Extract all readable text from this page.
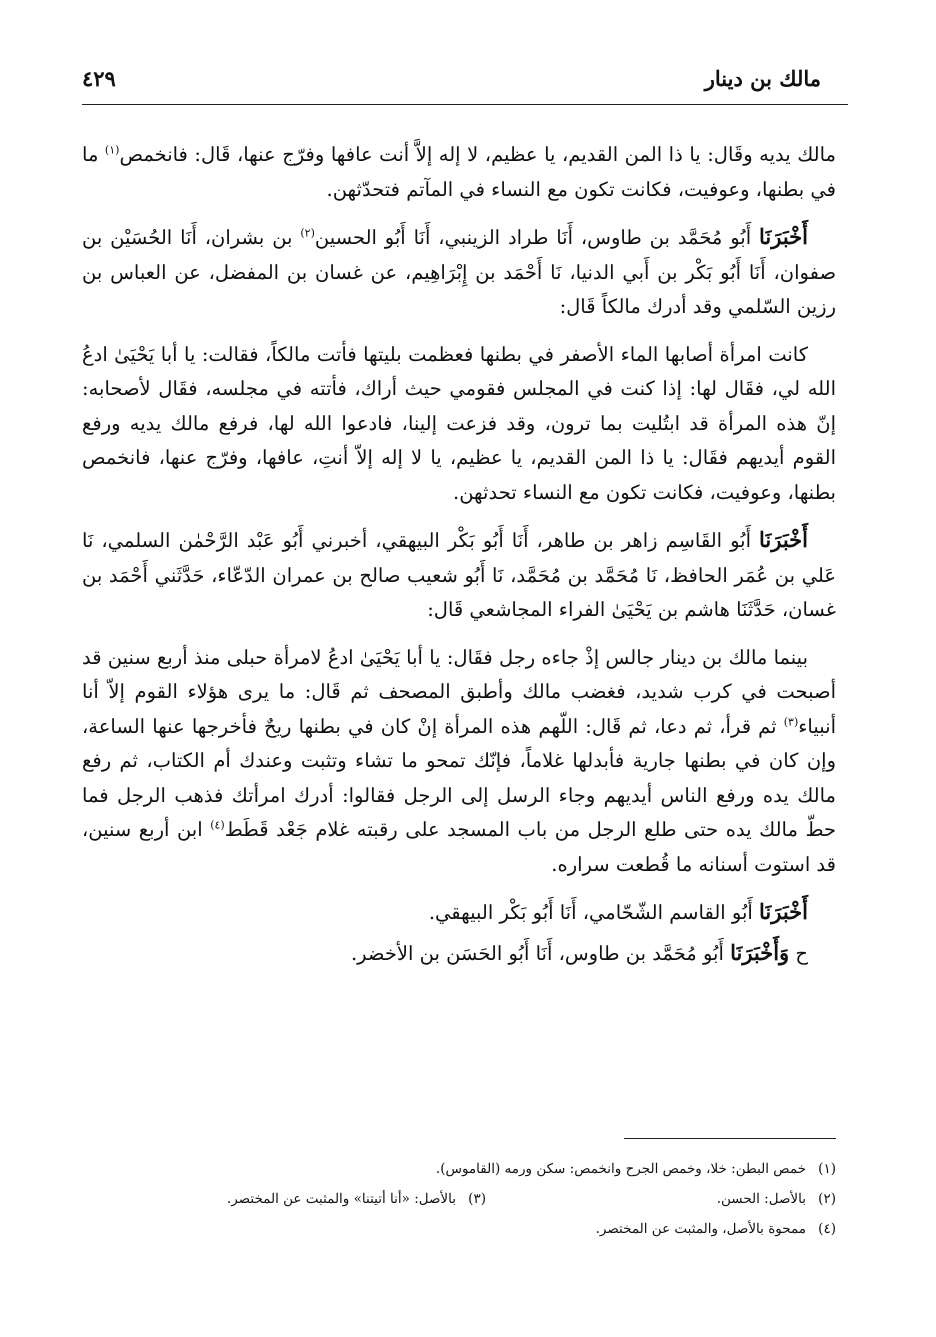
مالك بن دينار
٤٢٩

مالك يديه وقَال: يا ذا المن القديم، يا عظيم، لا إله إلاَّ أنت عافها وفرّج عنها، قَال: فانخمص$^{(١)}$ ما في بطنها، وعوفيت، فكانت تكون مع النساء في المآتم فتحدّثهن.

أَخْبَرَنَا أَبُو مُحَمَّد بن طاوس، أَنَا طراد الزينبي، أَنَا أَبُو الحسين$^{(٢)}$ بن بشران، أَنَا الحُسَيْن بن صفوان، أَنَا أَبُو بَكْر بن أَبي الدنيا، نَا أَحْمَد بن إِبْرَاهِيم، عن غسان بن المفضل، عن العباس بن رزين السّلمي وقد أدرك مالكاً قَال:

كانت امرأة أصابها الماء الأصفر في بطنها فعظمت بليتها فأتت مالكاً، فقالت: يا أبا يَحْيَىٰ ادعُ الله لي، فقَال لها: إذا كنت في المجلس فقومي حيث أراك، فأتته في مجلسه، فقَال لأصحابه: إنّ هذه المرأة قد ابتُليت بما ترون، وقد فزعت إلينا، فادعوا الله لها، فرفع مالك يديه ورفع القوم أيديهم فقَال: يا ذا المن القديم، يا عظيم، يا لا إله إلاّ أنتِ، عافها، وفرّج عنها، فانخمص بطنها، وعوفيت، فكانت تكون مع النساء تحدثهن.

أَخْبَرَنَا أَبُو القَاسِم زاهر بن طاهر، أَنَا أَبُو بَكْر البيهقي، أخبرني أَبُو عَبْد الرَّحْمٰن السلمي، نَا عَلي بن عُمَر الحافظ، نَا مُحَمَّد بن مُحَمَّد، نَا أَبُو شعيب صالح بن عمران الدّعّاء، حَدَّثَني أَحْمَد بن غسان، حَدَّثَنَا هاشم بن يَحْيَىٰ الفراء المجاشعي قَال:

بينما مالك بن دينار جالس إذْ جاءه رجل فقَال: يا أبا يَحْيَىٰ ادعُ لامرأة حبلى منذ أربع سنين قد أصبحت في كرب شديد، فغضب مالك وأطبق المصحف ثم قَال: ما يرى هؤلاء القوم إلاّ أنا أنبياء$^{(٣)}$ ثم قرأ، ثم دعا، ثم قَال: اللّهم هذه المرأة إنْ كان في بطنها ريحٌ فأخرجها عنها الساعة، وإن كان في بطنها جارية فأبدلها غلاماً، فإنّك تمحو ما تشاء وتثبت وعندك أم الكتاب، ثم رفع مالك يده ورفع الناس أيديهم وجاء الرسل إلى الرجل فقالوا: أدرك امرأتك فذهب الرجل فما حطّ مالك يده حتى طلع الرجل من باب المسجد على رقبته غلام جَعْد قَطَط$^{(٤)}$ ابن أربع سنين، قد استوت أسنانه ما قُطعت سراره.

أَخْبَرَنَا أَبُو القاسم الشّحّامي، أَنَا أَبُو بَكْر البيهقي.

ح وَأَخْبَرَنَا أَبُو مُحَمَّد بن طاوس، أَنَا أَبُو الحَسَن بن الأخضر.

(١)
خمص البطن: خلا، وخمص الجرح وانخمص: سكن ورمه (القاموس).
(٢)
بالأصل: الحسن.
(٣)
بالأصل: «أنا أتيتنا» والمثبت عن المختصر.
(٤)
ممحوة بالأصل، والمثبت عن المختصر.
